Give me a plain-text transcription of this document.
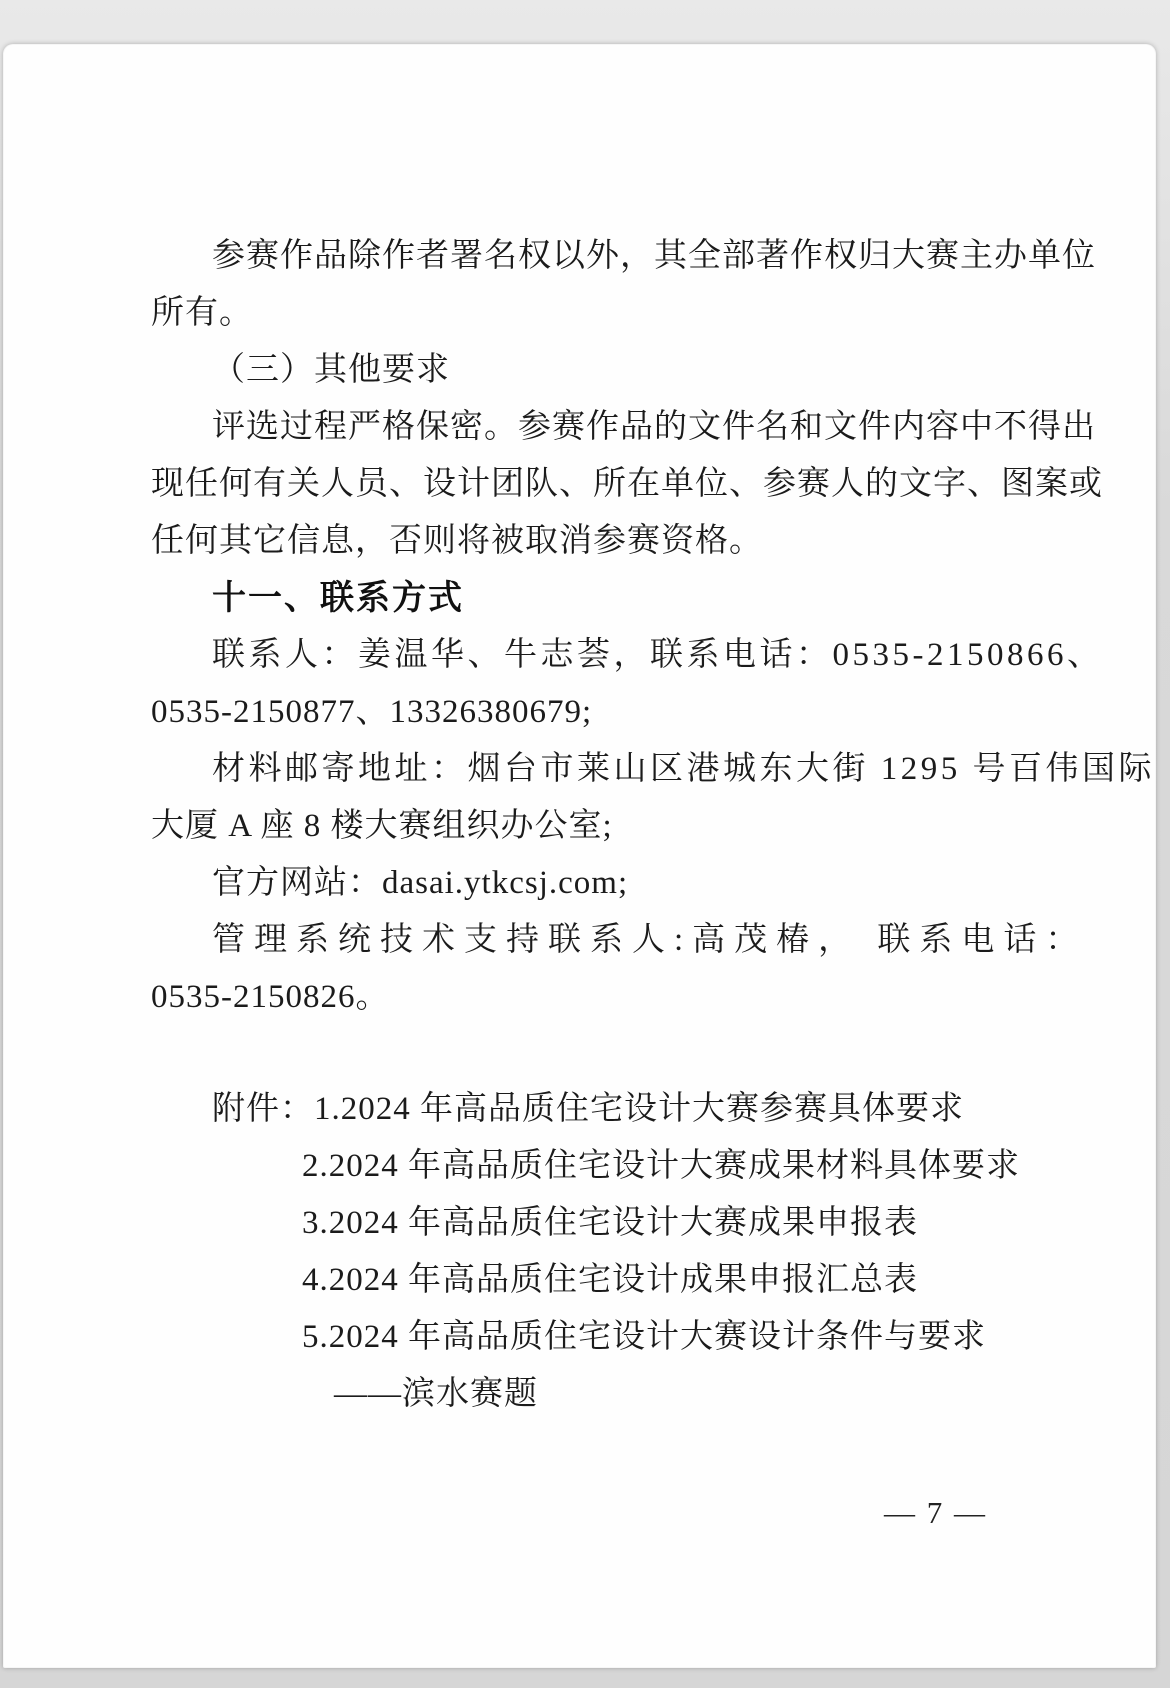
参赛作品除作者署名权以外，其全部著作权归大赛主办单位
所有。
（三）其他要求
评选过程严格保密。参赛作品的文件名和文件内容中不得出
现任何有关人员、设计团队、所在单位、参赛人的文字、图案或
任何其它信息，否则将被取消参赛资格。
十一、联系方式
联系人：姜温华、牛志荟，联系电话：0535-2150866、
0535-2150877、13326380679;
材料邮寄地址：烟台市莱山区港城东大街 1295 号百伟国际
大厦 A 座 8 楼大赛组织办公室;
官方网站：dasai.ytkcsj.com;
管理系统技术支持联系人:高茂椿， 联系电话：
0535-2150826。
附件：1.2024 年高品质住宅设计大赛参赛具体要求
2.2024 年高品质住宅设计大赛成果材料具体要求
3.2024 年高品质住宅设计大赛成果申报表
4.2024 年高品质住宅设计成果申报汇总表
5.2024 年高品质住宅设计大赛设计条件与要求
——滨水赛题
— 7 —
